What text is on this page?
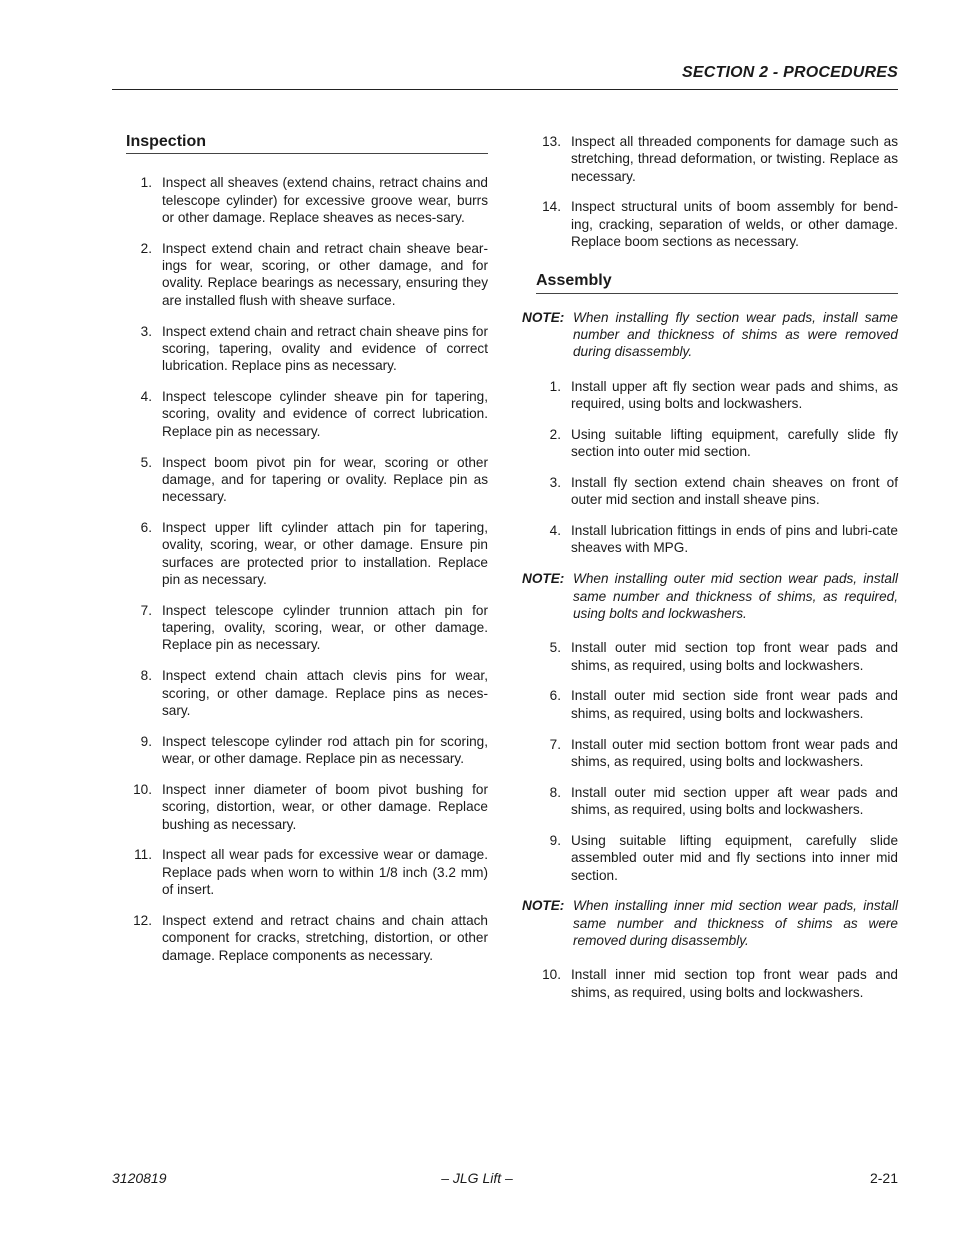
SECTION 2 - PROCEDURES
Inspection
1. Inspect all sheaves (extend chains, retract chains and telescope cylinder) for excessive groove wear, burrs or other damage. Replace sheaves as neces-sary.
2. Inspect extend chain and retract chain sheave bear-ings for wear, scoring, or other damage, and for ovality. Replace bearings as necessary, ensuring they are installed flush with sheave surface.
3. Inspect extend chain and retract chain sheave pins for scoring, tapering, ovality and evidence of correct lubrication. Replace pins as necessary.
4. Inspect telescope cylinder sheave pin for tapering, scoring, ovality and evidence of correct lubrication. Replace pin as necessary.
5. Inspect boom pivot pin for wear, scoring or other damage, and for tapering or ovality. Replace pin as necessary.
6. Inspect upper lift cylinder attach pin for tapering, ovality, scoring, wear, or other damage. Ensure pin surfaces are protected prior to installation. Replace pin as necessary.
7. Inspect telescope cylinder trunnion attach pin for tapering, ovality, scoring, wear, or other damage. Replace pin as necessary.
8. Inspect extend chain attach clevis pins for wear, scoring, or other damage. Replace pins as neces-sary.
9. Inspect telescope cylinder rod attach pin for scoring, wear, or other damage. Replace pin as necessary.
10. Inspect inner diameter of boom pivot bushing for scoring, distortion, wear, or other damage. Replace bushing as necessary.
11. Inspect all wear pads for excessive wear or damage. Replace pads when worn to within 1/8 inch (3.2 mm) of insert.
12. Inspect extend and retract chains and chain attach component for cracks, stretching, distortion, or other damage. Replace components as necessary.
13. Inspect all threaded components for damage such as stretching, thread deformation, or twisting. Replace as necessary.
14. Inspect structural units of boom assembly for bend-ing, cracking, separation of welds, or other damage. Replace boom sections as necessary.
Assembly
NOTE: When installing fly section wear pads, install same number and thickness of shims as were removed during disassembly.
1. Install upper aft fly section wear pads and shims, as required, using bolts and lockwashers.
2. Using suitable lifting equipment, carefully slide fly section into outer mid section.
3. Install fly section extend chain sheaves on front of outer mid section and install sheave pins.
4. Install lubrication fittings in ends of pins and lubri-cate sheaves with MPG.
NOTE: When installing outer mid section wear pads, install same number and thickness of shims, as required, using bolts and lockwashers.
5. Install outer mid section top front wear pads and shims, as required, using bolts and lockwashers.
6. Install outer mid section side front wear pads and shims, as required, using bolts and lockwashers.
7. Install outer mid section bottom front wear pads and shims, as required, using bolts and lockwashers.
8. Install outer mid section upper aft wear pads and shims, as required, using bolts and lockwashers.
9. Using suitable lifting equipment, carefully slide assembled outer mid and fly sections into inner mid section.
NOTE: When installing inner mid section wear pads, install same number and thickness of shims as were removed during disassembly.
10. Install inner mid section top front wear pads and shims, as required, using bolts and lockwashers.
3120819	– JLG Lift –	2-21
